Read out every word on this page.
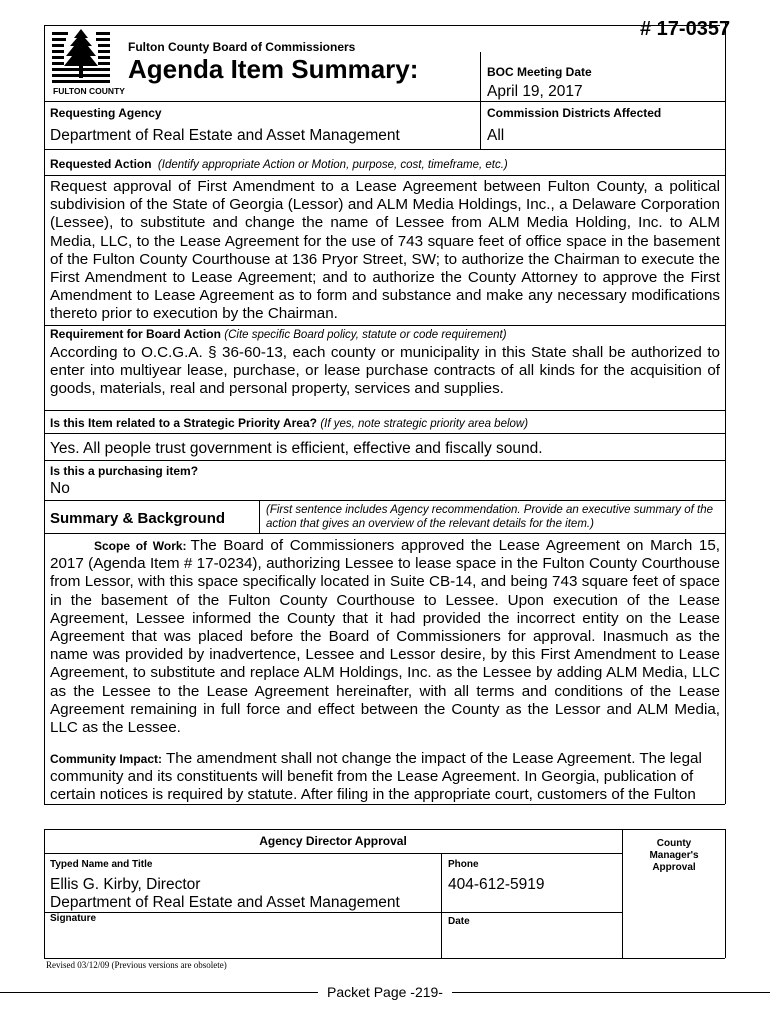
# 17-0357
FULTON COUNTY
Fulton County Board of Commissioners
Agenda Item Summary:	BOC Meeting Date
April 19, 2017
Requesting Agency
Department of Real Estate and Asset Management
Commission Districts Affected
All
Requested Action (Identify appropriate Action or Motion, purpose, cost, timeframe, etc.)
Request approval of First Amendment to a Lease Agreement between Fulton County, a political subdivision of the State of Georgia (Lessor) and ALM Media Holdings, Inc., a Delaware Corporation (Lessee), to substitute and change the name of Lessee from ALM Media Holding, Inc. to ALM Media, LLC, to the Lease Agreement for the use of 743 square feet of office space in the basement of the Fulton County Courthouse at 136 Pryor Street, SW; to authorize the Chairman to execute the First Amendment to Lease Agreement; and to authorize the County Attorney to approve the First Amendment to Lease Agreement as to form and substance and make any necessary modifications thereto prior to execution by the Chairman.
Requirement for Board Action (Cite specific Board policy, statute or code requirement)
According to O.C.G.A. § 36-60-13, each county or municipality in this State shall be authorized to enter into multiyear lease, purchase, or lease purchase contracts of all kinds for the acquisition of goods, materials, real and personal property, services and supplies.
Is this Item related to a Strategic Priority Area? (If yes, note strategic priority area below)
Yes. All people trust government is efficient, effective and fiscally sound.
Is this a purchasing item?
No
Summary & Background	(First sentence includes Agency recommendation. Provide an executive summary of the action that gives an overview of the relevant details for the item.)
Scope of Work: The Board of Commissioners approved the Lease Agreement on March 15, 2017 (Agenda Item # 17-0234), authorizing Lessee to lease space in the Fulton County Courthouse from Lessor, with this space specifically located in Suite CB-14, and being 743 square feet of space in the basement of the Fulton County Courthouse to Lessee. Upon execution of the Lease Agreement, Lessee informed the County that it had provided the incorrect entity on the Lease Agreement that was placed before the Board of Commissioners for approval. Inasmuch as the name was provided by inadvertence, Lessee and Lessor desire, by this First Amendment to Lease Agreement, to substitute and replace ALM Holdings, Inc. as the Lessee by adding ALM Media, LLC as the Lessee to the Lease Agreement hereinafter, with all terms and conditions of the Lease Agreement remaining in full force and effect between the County as the Lessor and ALM Media, LLC as the Lessee.
Community Impact: The amendment shall not change the impact of the Lease Agreement. The legal community and its constituents will benefit from the Lease Agreement. In Georgia, publication of certain notices is required by statute. After filing in the appropriate court, customers of the Fulton
Agency Director Approval
Typed Name and Title
Ellis G. Kirby, Director
Department of Real Estate and Asset Management
Phone
404-612-5919
Signature	Date
County Manager's Approval
Revised 03/12/09 (Previous versions are obsolete)
Packet Page -219-
